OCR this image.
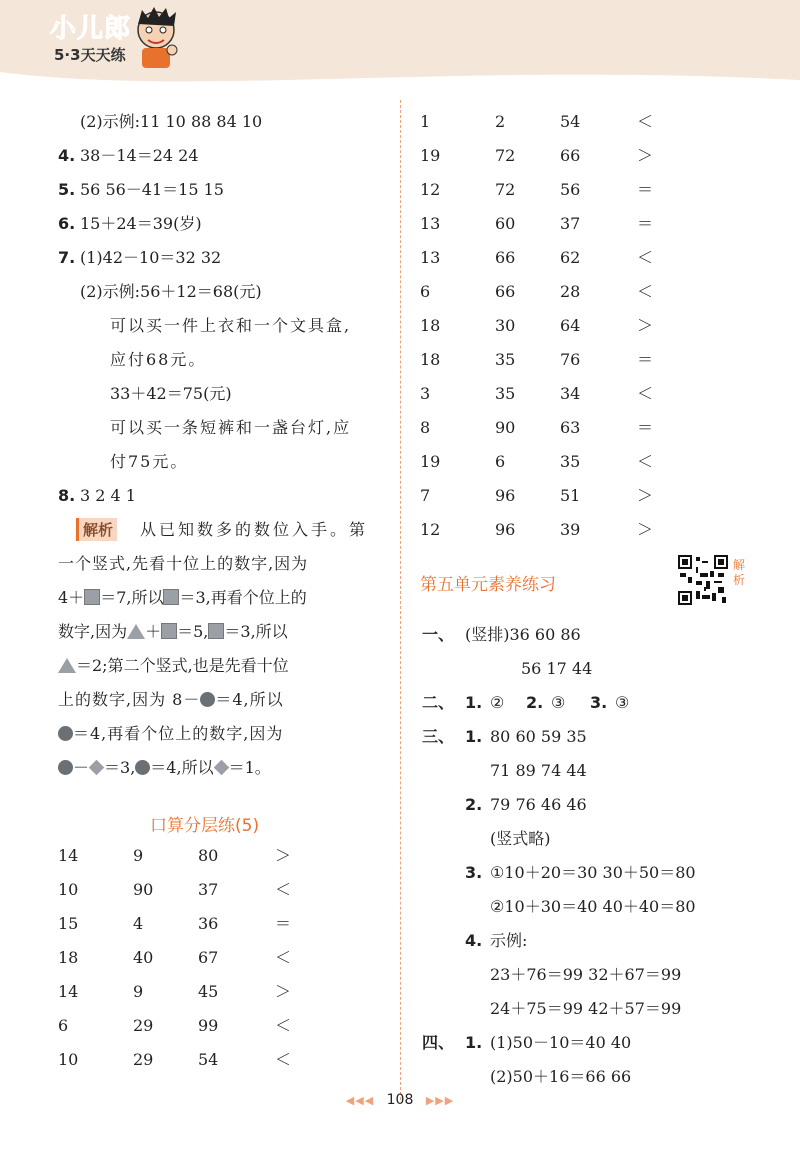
小儿郎
5·3天天练
(2)示例:11 10 88 84 10
4. 38－14＝24 24
5. 56 56－41＝15 15
6. 15＋24＝39(岁)
7. (1)42－10＝32 32
(2)示例:56＋12＝68(元)
可以买一件上衣和一个文具盒,
应付68元。
33＋42＝75(元)
可以买一条短裤和一盏台灯,应
付75元。
8. 3 2 4 1
解析 从已知数多的数位入手。第
一个竖式,先看十位上的数字,因为
4＋ ＝7,所以 ＝3,再看个位上的
数字,因为 ＋ ＝5, ＝3,所以
＝2;第二个竖式,也是先看十位
上的数字,因为 8－ ＝4,所以
＝4,再看个位上的数字,因为
－ ＝3, ＝4,所以 ＝1。
口算分层练(5)
14	9	80	＞
10	90	37	＜
15	4	36	＝
18	40	67	＜
14	9	45	＞
6	29	99	＜
10	29	54	＜
1	2	54	＜
19	72	66	＞
12	72	56	＝
13	60	37	＝
13	66	62	＜
6	66	28	＜
18	30	64	＞
18	35	76	＝
3	35	34	＜
8	90	63	＝
19	6	35	＜
7	96	51	＞
12	96	39	＞
第五单元素养练习
解析
一、 (竖排)36 60 86
56 17 44
二、 1. ② 2. ③ 3. ③
三、 1. 80 60 59 35
71 89 74 44
2. 79 76 46 46
(竖式略)
3. ①10＋20＝30 30＋50＝80
②10＋30＝40 40＋40＝80
4. 示例:
23＋76＝99 32＋67＝99
24＋75＝99 42＋57＝99
四、 1. (1)50－10＝40 40
(2)50＋16＝66 66
◀◀◀ 108 ▶▶▶
